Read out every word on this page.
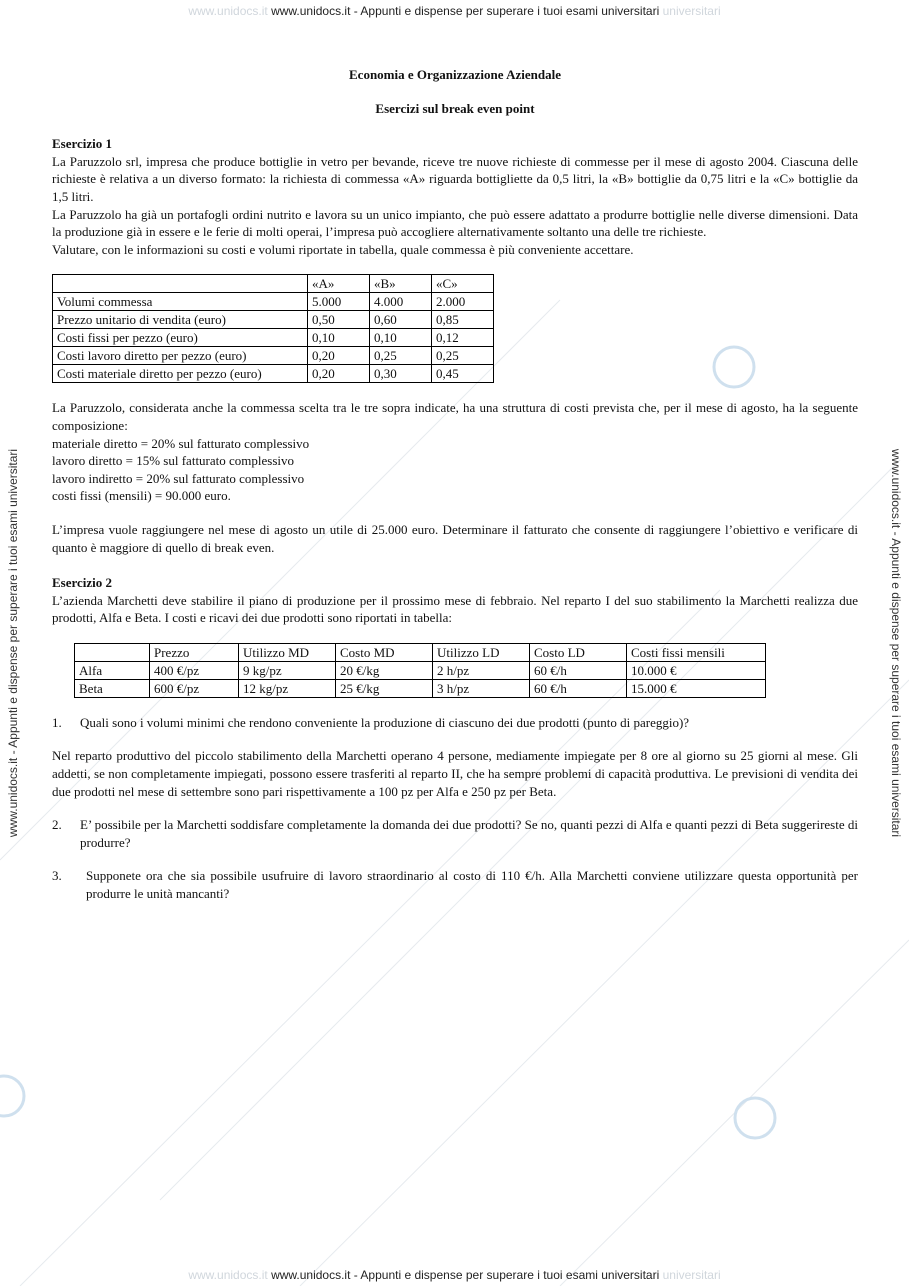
www.unidocs.it www.unidocs.it - Appunti e dispense per superare i tuoi esami universitari universitari
www.unidocs.it - Appunti e dispense per superare i tuoi esami universitari	www.unidocs.it - Appunti e dispense per superare i tuoi esami universitari
www.unidocs.it www.unidocs.it - Appunti e dispense per superare i tuoi esami universitari universitari

Economia e Organizzazione Aziendale

Esercizi sul break even point

Esercizio 1

La Paruzzolo srl, impresa che produce bottiglie in vetro per bevande, riceve tre nuove richieste di commesse per il mese di agosto 2004. Ciascuna delle richieste è relativa a un diverso formato: la richiesta di commessa «A» riguarda bottigliette da 0,5 litri, la «B» bottiglie da 0,75 litri e la «C» bottiglie da 1,5 litri.

La Paruzzolo ha già un portafogli ordini nutrito e lavora su un unico impianto, che può essere adattato a produrre bottiglie nelle diverse dimensioni. Data la produzione già in essere e le ferie di molti operai, l’impresa può accogliere alternativamente soltanto una delle tre richieste.

Valutare, con le informazioni su costi e volumi riportate in tabella, quale commessa è più conveniente accettare.

	«A»	«B»	«C»
Volumi commessa	5.000	4.000	2.000
Prezzo unitario di vendita (euro)	0,50	0,60	0,85
Costi fissi per pezzo (euro)	0,10	0,10	0,12
Costi lavoro diretto per pezzo (euro)	0,20	0,25	0,25
Costi materiale diretto per pezzo (euro)	0,20	0,30	0,45

La Paruzzolo, considerata anche la commessa scelta tra le tre sopra indicate, ha una struttura di costi prevista che, per il mese di agosto, ha la seguente composizione:

materiale diretto = 20% sul fatturato complessivo

lavoro diretto = 15% sul fatturato complessivo

lavoro indiretto = 20% sul fatturato complessivo

costi fissi (mensili) = 90.000 euro.

L’impresa vuole raggiungere nel mese di agosto un utile di 25.000 euro. Determinare il fatturato che consente di raggiungere l’obiettivo e verificare di quanto è maggiore di quello di break even.

Esercizio 2

L’azienda Marchetti deve stabilire il piano di produzione per il prossimo mese di febbraio. Nel reparto I del suo stabilimento la Marchetti realizza due prodotti, Alfa e Beta. I costi e ricavi dei due prodotti sono riportati in tabella:

	Prezzo	Utilizzo MD	Costo MD	Utilizzo LD	Costo LD	Costi fissi mensili
Alfa	400 €/pz	9 kg/pz	20 €/kg	2 h/pz	60 €/h	10.000 €
Beta	600 €/pz	12 kg/pz	25 €/kg	3 h/pz	60 €/h	15.000 €
1.	Quali sono i volumi minimi che rendono conveniente la produzione di ciascuno dei due prodotti (punto di pareggio)?

Nel reparto produttivo del piccolo stabilimento della Marchetti operano 4 persone, mediamente impiegate per 8 ore al giorno su 25 giorni al mese. Gli addetti, se non completamente impiegati, possono essere trasferiti al reparto II, che ha sempre problemi di capacità produttiva. Le previsioni di vendita dei due prodotti nel mese di settembre sono pari rispettivamente a 100 pz per Alfa e 250 pz per Beta.

2.	E’ possibile per la Marchetti soddisfare completamente la domanda dei due prodotti? Se no, quanti pezzi di Alfa e quanti pezzi di Beta suggerireste di produrre?
3.	Supponete ora che sia possibile usufruire di lavoro straordinario al costo di 110 €/h. Alla Marchetti conviene utilizzare questa opportunità per produrre le unità mancanti?
